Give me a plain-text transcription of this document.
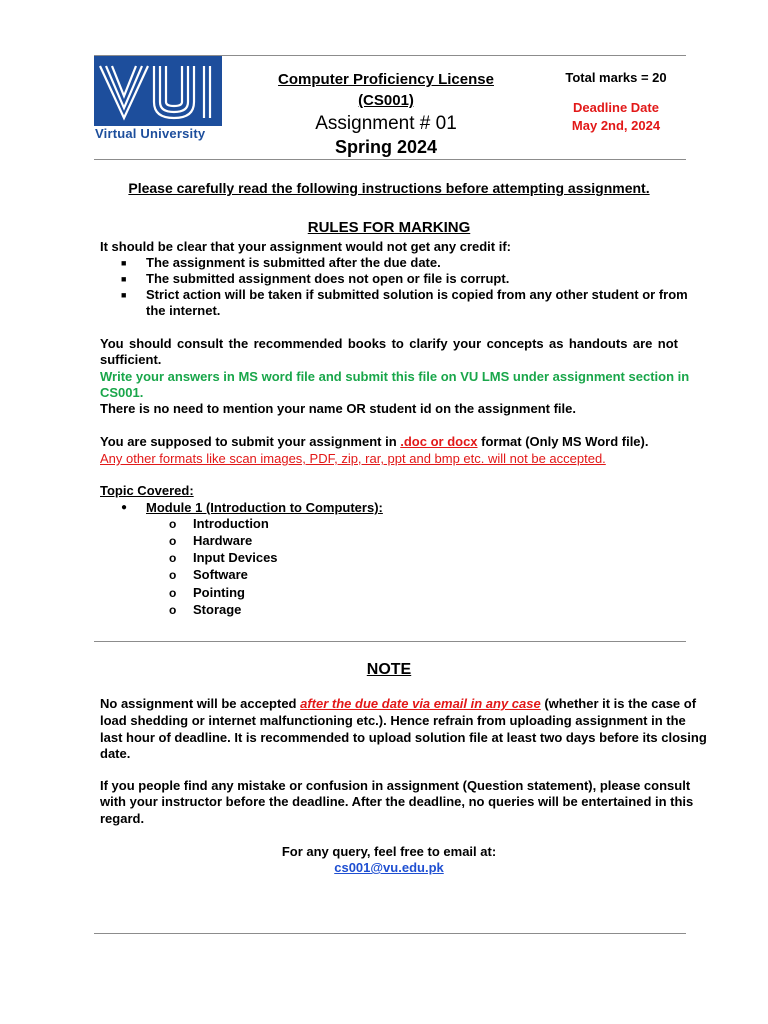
Virtual University
Computer Proficiency License
(CS001)
Assignment # 01
Spring 2024
Total marks = 20
Deadline Date
May 2nd, 2024
Please carefully read the following instructions before attempting assignment.
RULES FOR MARKING
It should be clear that your assignment would not get any credit if:
■ The assignment is submitted after the due date.
■ The submitted assignment does not open or file is corrupt.
■ Strict action will be taken if submitted solution is copied from any other student or from
the internet.
You should consult the recommended books to clarify your concepts as handouts are not
sufficient.
Write your answers in MS word file and submit this file on VU LMS under assignment section in
CS001.
There is no need to mention your name OR student id on the assignment file.
You are supposed to submit your assignment in .doc or docx format (Only MS Word file).
Any other formats like scan images, PDF, zip, rar, ppt and bmp etc. will not be accepted.
Topic Covered:
● Module 1 (Introduction to Computers):
o Introduction
o Hardware
o Input Devices
o Software
o Pointing
o Storage
NOTE
No assignment will be accepted after the due date via email in any case (whether it is the case of
load shedding or internet malfunctioning etc.). Hence refrain from uploading assignment in the
last hour of deadline. It is recommended to upload solution file at least two days before its closing
date.
If you people find any mistake or confusion in assignment (Question statement), please consult
with your instructor before the deadline. After the deadline, no queries will be entertained in this
regard.
For any query, feel free to email at:
cs001@vu.edu.pk
